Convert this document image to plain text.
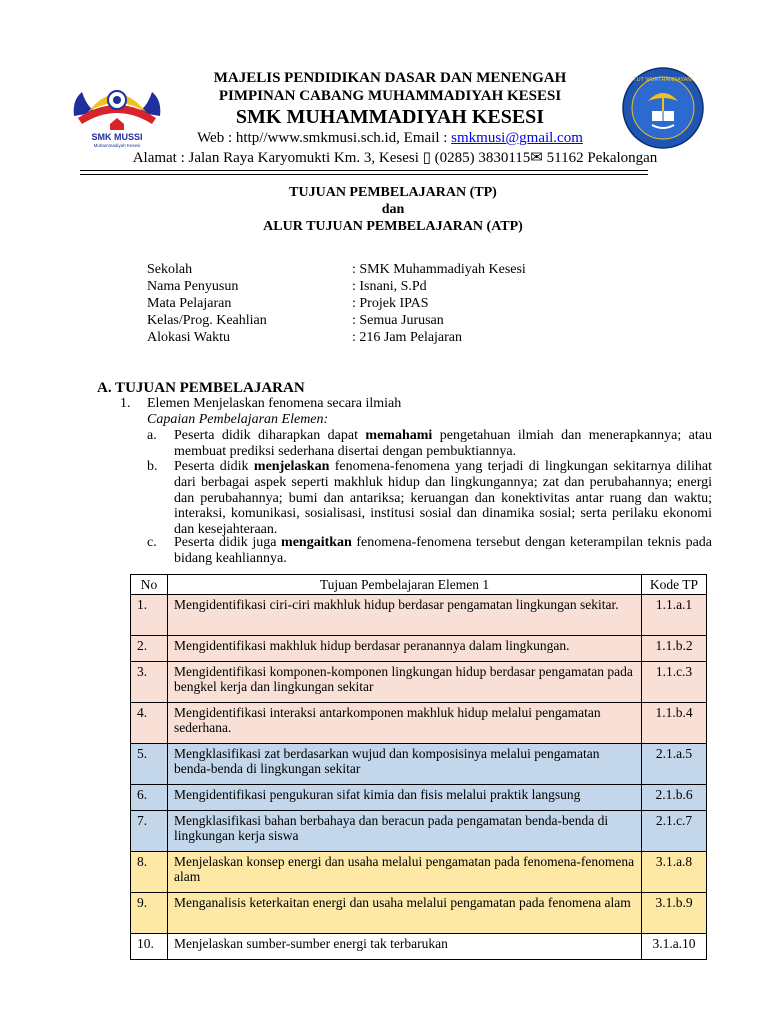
SMK MUSSI
Muhammadiyah Kesesi
TUT WURI HANDAYANI
MAJELIS PENDIDIKAN DASAR DAN MENENGAH
PIMPINAN CABANG MUHAMMADIYAH KESESI
SMK MUHAMMADIYAH KESESI
Web : http//www.smkmusi.sch.id, Email : smkmusi@gmail.com
Alamat : Jalan Raya Karyomukti Km. 3, Kesesi ▯ (0285) 3830115✉ 51162 Pekalongan
TUJUAN PEMBELAJARAN (TP)
dan
ALUR TUJUAN PEMBELAJARAN (ATP)
Sekolah	: SMK Muhammadiyah Kesesi
Nama Penyusun	: Isnani, S.Pd
Mata Pelajaran	: Projek IPAS
Kelas/Prog. Keahlian	: Semua Jurusan
Alokasi Waktu	: 216 Jam Pelajaran
A. TUJUAN PEMBELAJARAN
1. Elemen Menjelaskan fenomena secara ilmiah
Capaian Pembelajaran Elemen:
a. Peserta didik diharapkan dapat memahami pengetahuan ilmiah dan menerapkannya; atau membuat prediksi sederhana disertai dengan pembuktiannya.
b. Peserta didik menjelaskan fenomena-fenomena yang terjadi di lingkungan sekitarnya dilihat dari berbagai aspek seperti makhluk hidup dan lingkungannya; zat dan perubahannya; energi dan perubahannya; bumi dan antariksa; keruangan dan konektivitas antar ruang dan waktu; interaksi, komunikasi, sosialisasi, institusi sosial dan dinamika sosial; serta perilaku ekonomi dan kesejahteraan.
c. Peserta didik juga mengaitkan fenomena-fenomena tersebut dengan keterampilan teknis pada bidang keahliannya.
No	Tujuan Pembelajaran Elemen 1	Kode TP
1.	Mengidentifikasi ciri-ciri makhluk hidup berdasar pengamatan lingkungan sekitar.	1.1.a.1
2.	Mengidentifikasi makhluk hidup berdasar peranannya dalam lingkungan.	1.1.b.2
3.	Mengidentifikasi komponen-komponen lingkungan hidup berdasar pengamatan pada bengkel kerja dan lingkungan sekitar	1.1.c.3
4.	Mengidentifikasi interaksi antarkomponen makhluk hidup melalui pengamatan sederhana.	1.1.b.4
5.	Mengklasifikasi zat berdasarkan wujud dan komposisinya melalui pengamatan benda-benda di lingkungan sekitar	2.1.a.5
6.	Mengidentifikasi pengukuran sifat kimia dan fisis melalui praktik langsung	2.1.b.6
7.	Mengklasifikasi bahan berbahaya dan beracun pada pengamatan benda-benda di lingkungan kerja siswa	2.1.c.7
8.	Menjelaskan konsep energi dan usaha melalui pengamatan pada fenomena-fenomena alam	3.1.a.8
9.	Menganalisis keterkaitan energi dan usaha melalui pengamatan pada fenomena alam	3.1.b.9
10.	Menjelaskan sumber-sumber energi tak terbarukan	3.1.a.10
